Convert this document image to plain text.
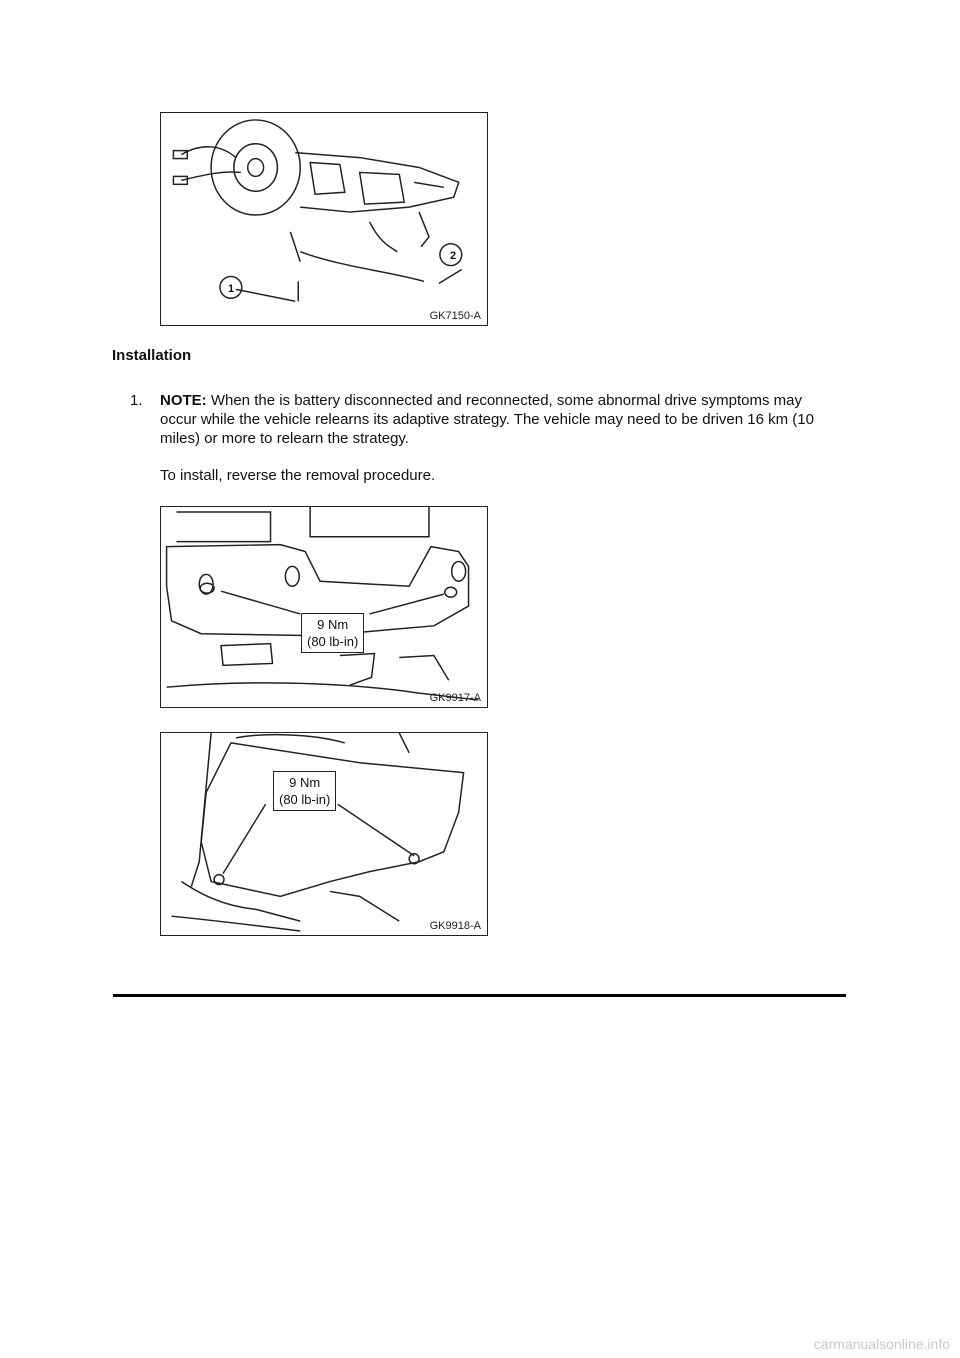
1
2
GK7150-A
Installation
1. NOTE: When the is battery disconnected and reconnected, some abnormal drive symptoms may occur while the vehicle relearns its adaptive strategy. The vehicle may need to be driven 16 km (10 miles) or more to relearn the strategy.
To install, reverse the removal procedure.
9 Nm
(80 lb-in)
GK9917-A
9 Nm
(80 lb-in)
GK9918-A
carmanualsonline.info
